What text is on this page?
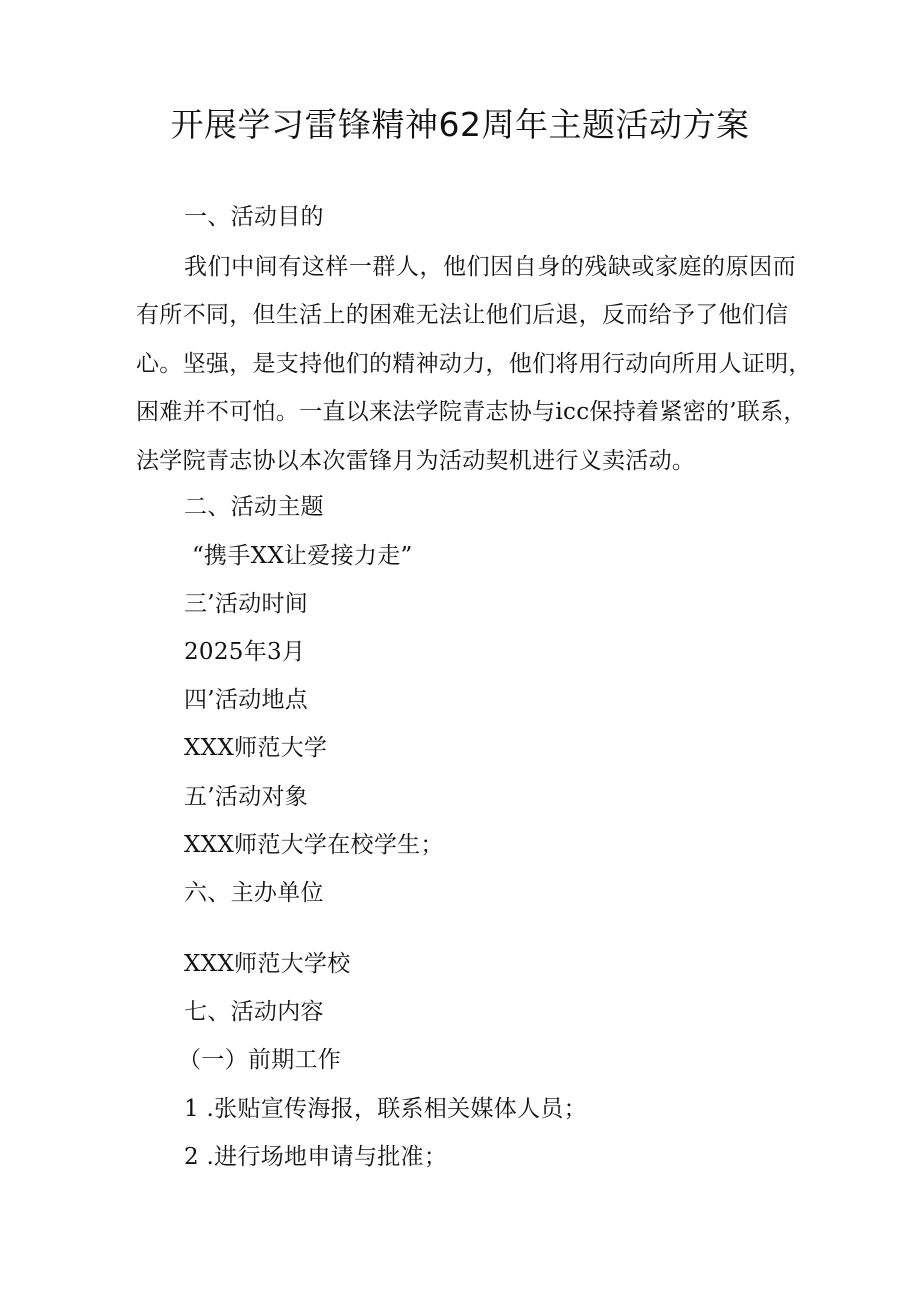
开展学习雷锋精神62周年主题活动方案
一、活动目的
我们中间有这样一群人，他们因自身的残缺或家庭的原因而
有所不同，但生活上的困难无法让他们后退，反而给予了他们信
心。坚强，是支持他们的精神动力，他们将用行动向所用人证明，
困难并不可怕。一直以来法学院青志协与icc保持着紧密的’联系，
法学院青志协以本次雷锋月为活动契机进行义卖活动。
二、活动主题
“携手XX让爱接力走”
三’活动时间
2025年3月
四’活动地点
XXX师范大学
五’活动对象
XXX师范大学在校学生；
六、主办单位
XXX师范大学校
七、活动内容
（一）前期工作
1 .张贴宣传海报，联系相关媒体人员；
2 .进行场地申请与批准；
